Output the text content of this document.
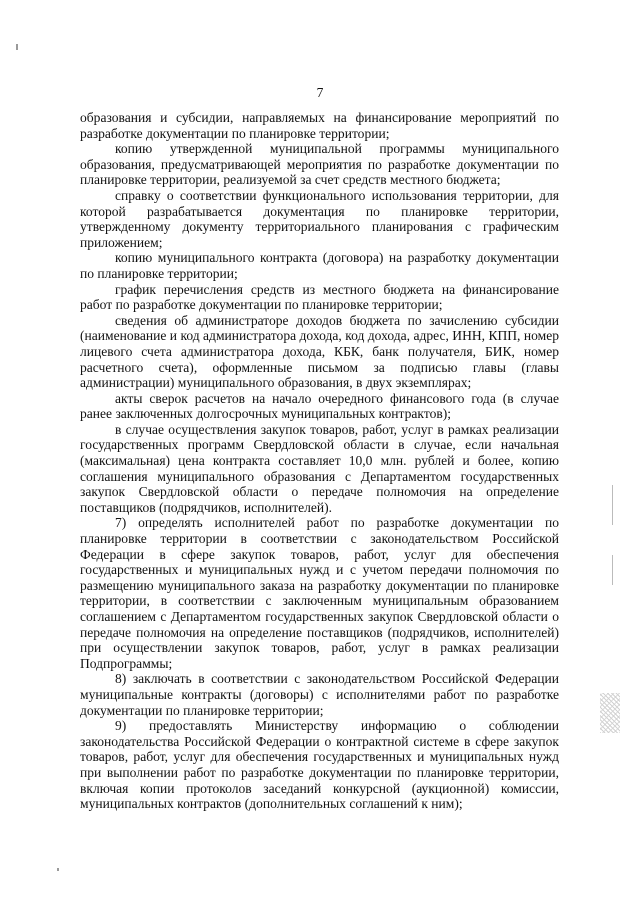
7

образования и субсидии, направляемых на финансирование мероприятий по разработке документации по планировке территории;

копию утвержденной муниципальной программы муниципального образования, предусматривающей мероприятия по разработке документации по планировке территории, реализуемой за счет средств местного бюджета;

справку о соответствии функционального использования территории, для которой разрабатывается документация по планировке территории, утвержденному документу территориального планирования с графическим приложением;

копию муниципального контракта (договора) на разработку документации по планировке территории;

график перечисления средств из местного бюджета на финансирование работ по разработке документации по планировке территории;

сведения об администраторе доходов бюджета по зачислению субсидии (наименование и код администратора дохода, код дохода, адрес, ИНН, КПП, номер лицевого счета администратора дохода, КБК, банк получателя, БИК, номер расчетного счета), оформленные письмом за подписью главы (главы администрации) муниципального образования, в двух экземплярах;

акты сверок расчетов на начало очередного финансового года (в случае ранее заключенных долгосрочных муниципальных контрактов);

в случае осуществления закупок товаров, работ, услуг в рамках реализации государственных программ Свердловской области в случае, если начальная (максимальная) цена контракта составляет 10,0 млн. рублей и более, копию соглашения муниципального образования с Департаментом государственных закупок Свердловской области о передаче полномочия на определение поставщиков (подрядчиков, исполнителей).

7) определять исполнителей работ по разработке документации по планировке территории в соответствии с законодательством Российской Федерации в сфере закупок товаров, работ, услуг для обеспечения государственных и муниципальных нужд и с учетом передачи полномочия по размещению муниципального заказа на разработку документации по планировке территории, в соответствии с заключенным муниципальным образованием соглашением с Департаментом государственных закупок Свердловской области о передаче полномочия на определение поставщиков (подрядчиков, исполнителей) при осуществлении закупок товаров, работ, услуг в рамках реализации Подпрограммы;

8) заключать в соответствии с законодательством Российской Федерации муниципальные контракты (договоры) с исполнителями работ по разработке документации по планировке территории;

9) предоставлять Министерству информацию о соблюдении законодательства Российской Федерации о контрактной системе в сфере закупок товаров, работ, услуг для обеспечения государственных и муниципальных нужд при выполнении работ по разработке документации по планировке территории, включая копии протоколов заседаний конкурсной (аукционной) комиссии, муниципальных контрактов (дополнительных соглашений к ним);
